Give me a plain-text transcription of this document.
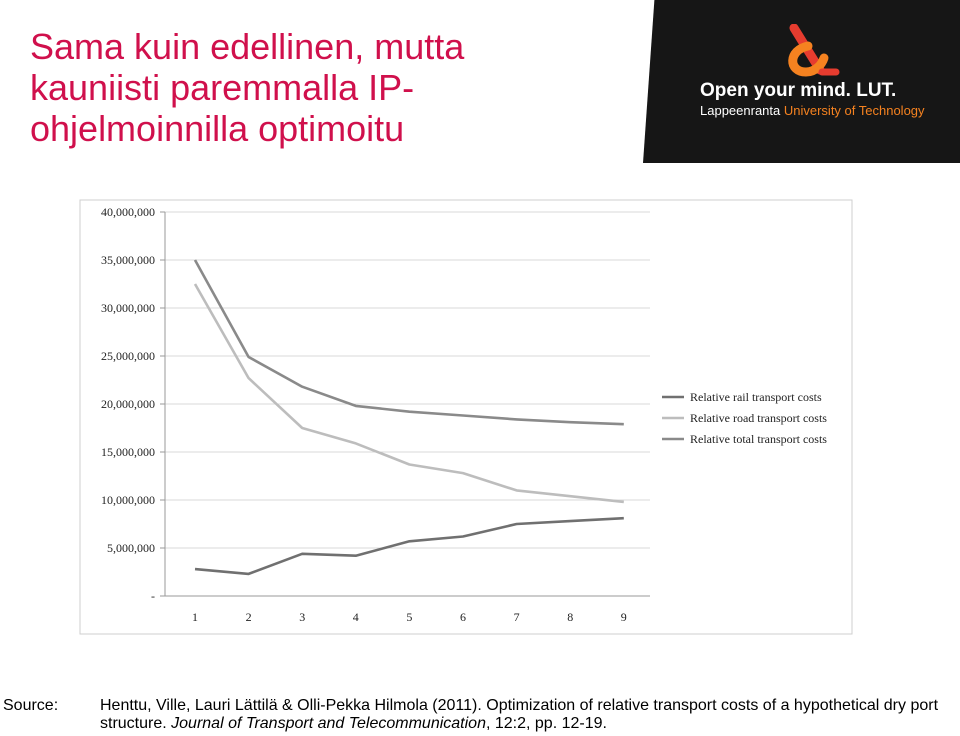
Sama kuin edellinen, mutta kauniisti paremmalla IP-ohjelmoinnilla optimoitu
Open your mind. LUT.
Lappeenranta University of Technology
-
5,000,000
10,000,000
15,000,000
20,000,000
25,000,000
30,000,000
35,000,000
40,000,000
1	2	3	4	5	6	7	8	9
Relative rail transport costs
Relative road transport costs
Relative total transport costs
Source:	Henttu, Ville, Lauri Lättilä & Olli-Pekka Hilmola (2011). Optimization of relative transport costs of a hypothetical dry port structure. Journal of Transport and Telecommunication, 12:2, pp. 12-19.
